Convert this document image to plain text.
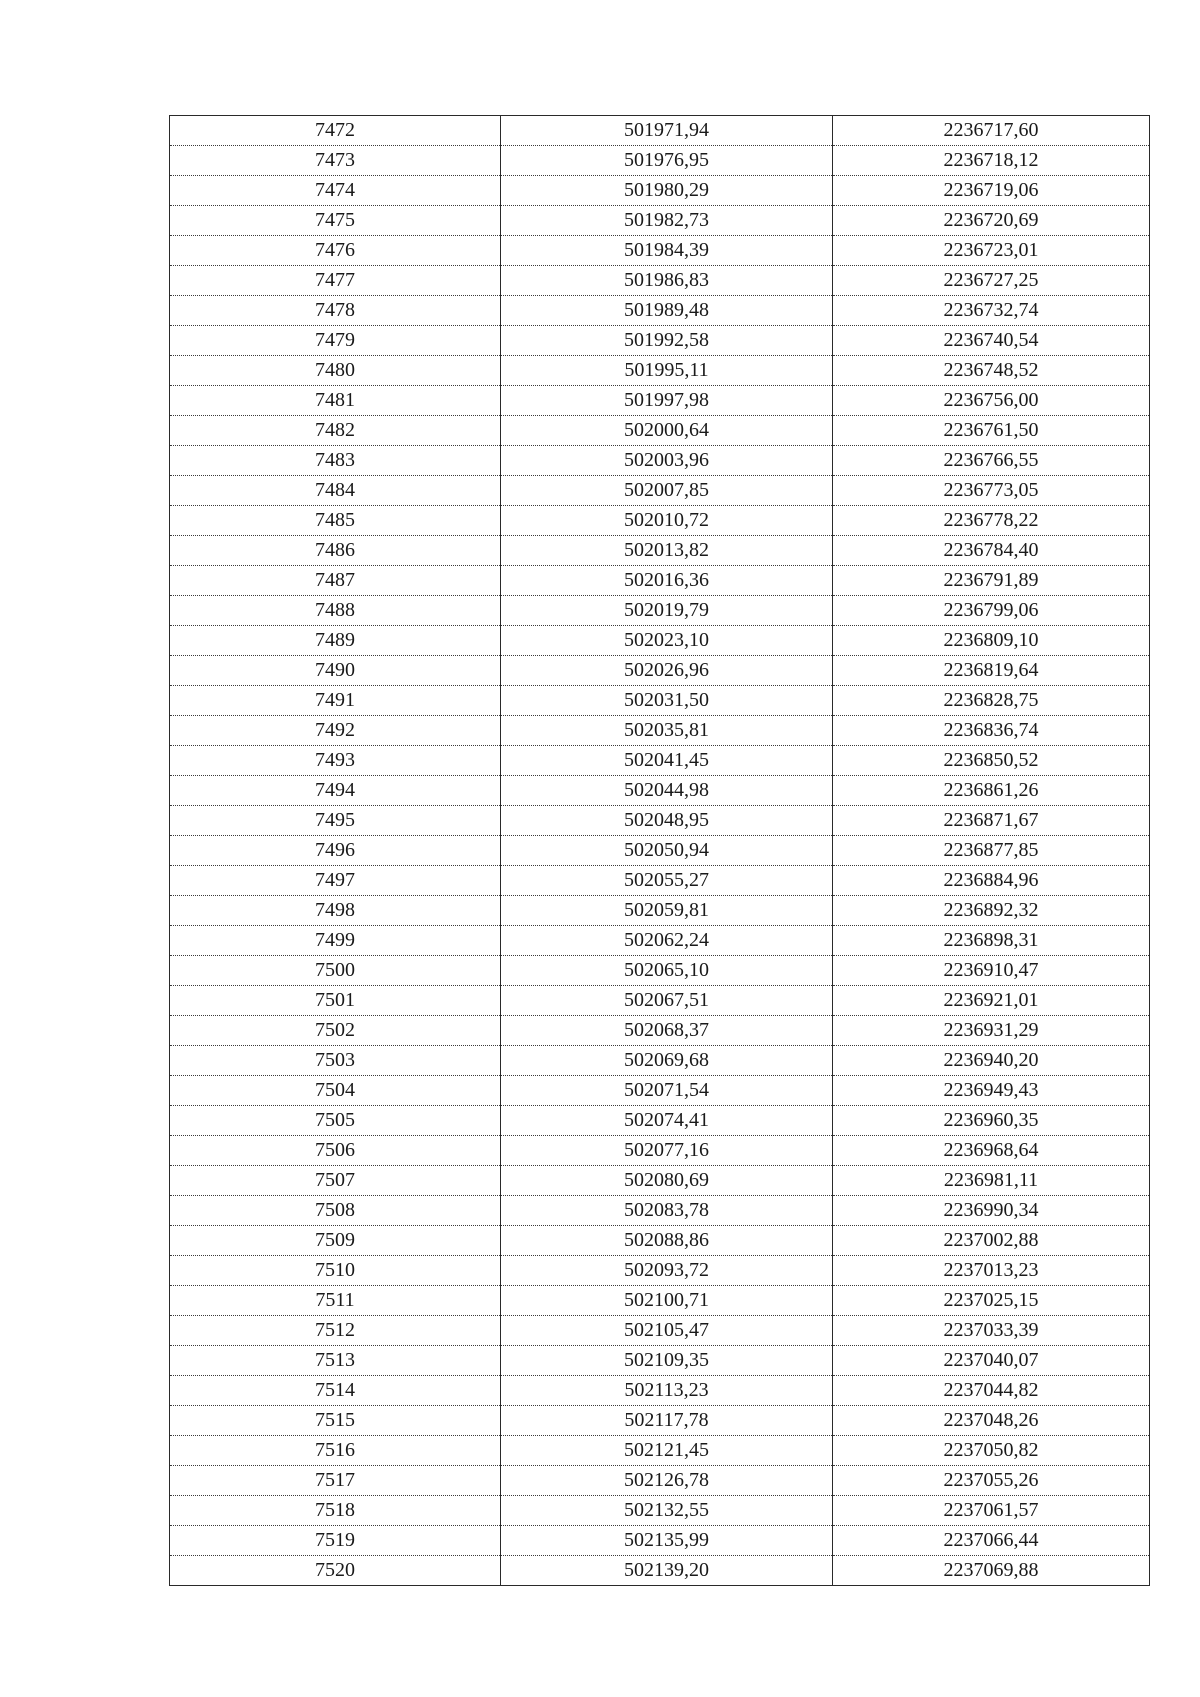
7472	501971,94	2236717,60
7473	501976,95	2236718,12
7474	501980,29	2236719,06
7475	501982,73	2236720,69
7476	501984,39	2236723,01
7477	501986,83	2236727,25
7478	501989,48	2236732,74
7479	501992,58	2236740,54
7480	501995,11	2236748,52
7481	501997,98	2236756,00
7482	502000,64	2236761,50
7483	502003,96	2236766,55
7484	502007,85	2236773,05
7485	502010,72	2236778,22
7486	502013,82	2236784,40
7487	502016,36	2236791,89
7488	502019,79	2236799,06
7489	502023,10	2236809,10
7490	502026,96	2236819,64
7491	502031,50	2236828,75
7492	502035,81	2236836,74
7493	502041,45	2236850,52
7494	502044,98	2236861,26
7495	502048,95	2236871,67
7496	502050,94	2236877,85
7497	502055,27	2236884,96
7498	502059,81	2236892,32
7499	502062,24	2236898,31
7500	502065,10	2236910,47
7501	502067,51	2236921,01
7502	502068,37	2236931,29
7503	502069,68	2236940,20
7504	502071,54	2236949,43
7505	502074,41	2236960,35
7506	502077,16	2236968,64
7507	502080,69	2236981,11
7508	502083,78	2236990,34
7509	502088,86	2237002,88
7510	502093,72	2237013,23
7511	502100,71	2237025,15
7512	502105,47	2237033,39
7513	502109,35	2237040,07
7514	502113,23	2237044,82
7515	502117,78	2237048,26
7516	502121,45	2237050,82
7517	502126,78	2237055,26
7518	502132,55	2237061,57
7519	502135,99	2237066,44
7520	502139,20	2237069,88
